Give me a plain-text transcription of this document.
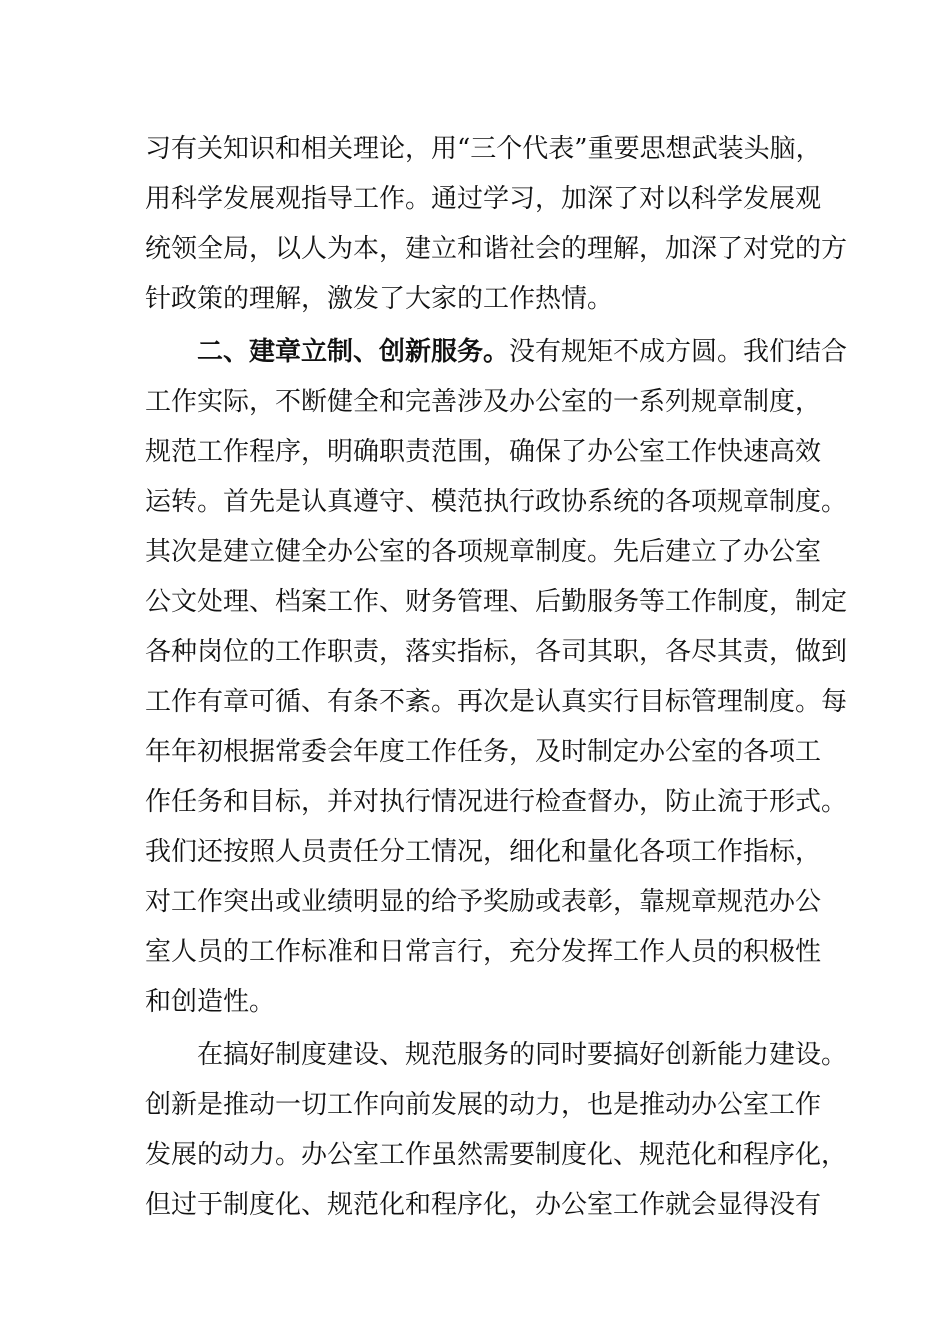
习有关知识和相关理论，用“三个代表”重要思想武装头脑，
用科学发展观指导工作。通过学习，加深了对以科学发展观
统领全局，以人为本，建立和谐社会的理解，加深了对党的方
针政策的理解，激发了大家的工作热情。
二、建章立制、创新服务。没有规矩不成方圆。我们结合
工作实际，不断健全和完善涉及办公室的一系列规章制度，
规范工作程序，明确职责范围，确保了办公室工作快速高效
运转。首先是认真遵守、模范执行政协系统的各项规章制度。
其次是建立健全办公室的各项规章制度。先后建立了办公室
公文处理、档案工作、财务管理、后勤服务等工作制度，制定
各种岗位的工作职责，落实指标，各司其职，各尽其责，做到
工作有章可循、有条不紊。再次是认真实行目标管理制度。每
年年初根据常委会年度工作任务，及时制定办公室的各项工
作任务和目标，并对执行情况进行检查督办，防止流于形式。
我们还按照人员责任分工情况，细化和量化各项工作指标，
对工作突出或业绩明显的给予奖励或表彰，靠规章规范办公
室人员的工作标准和日常言行，充分发挥工作人员的积极性
和创造性。
在搞好制度建设、规范服务的同时要搞好创新能力建设。
创新是推动一切工作向前发展的动力，也是推动办公室工作
发展的动力。办公室工作虽然需要制度化、规范化和程序化，
但过于制度化、规范化和程序化，办公室工作就会显得没有
